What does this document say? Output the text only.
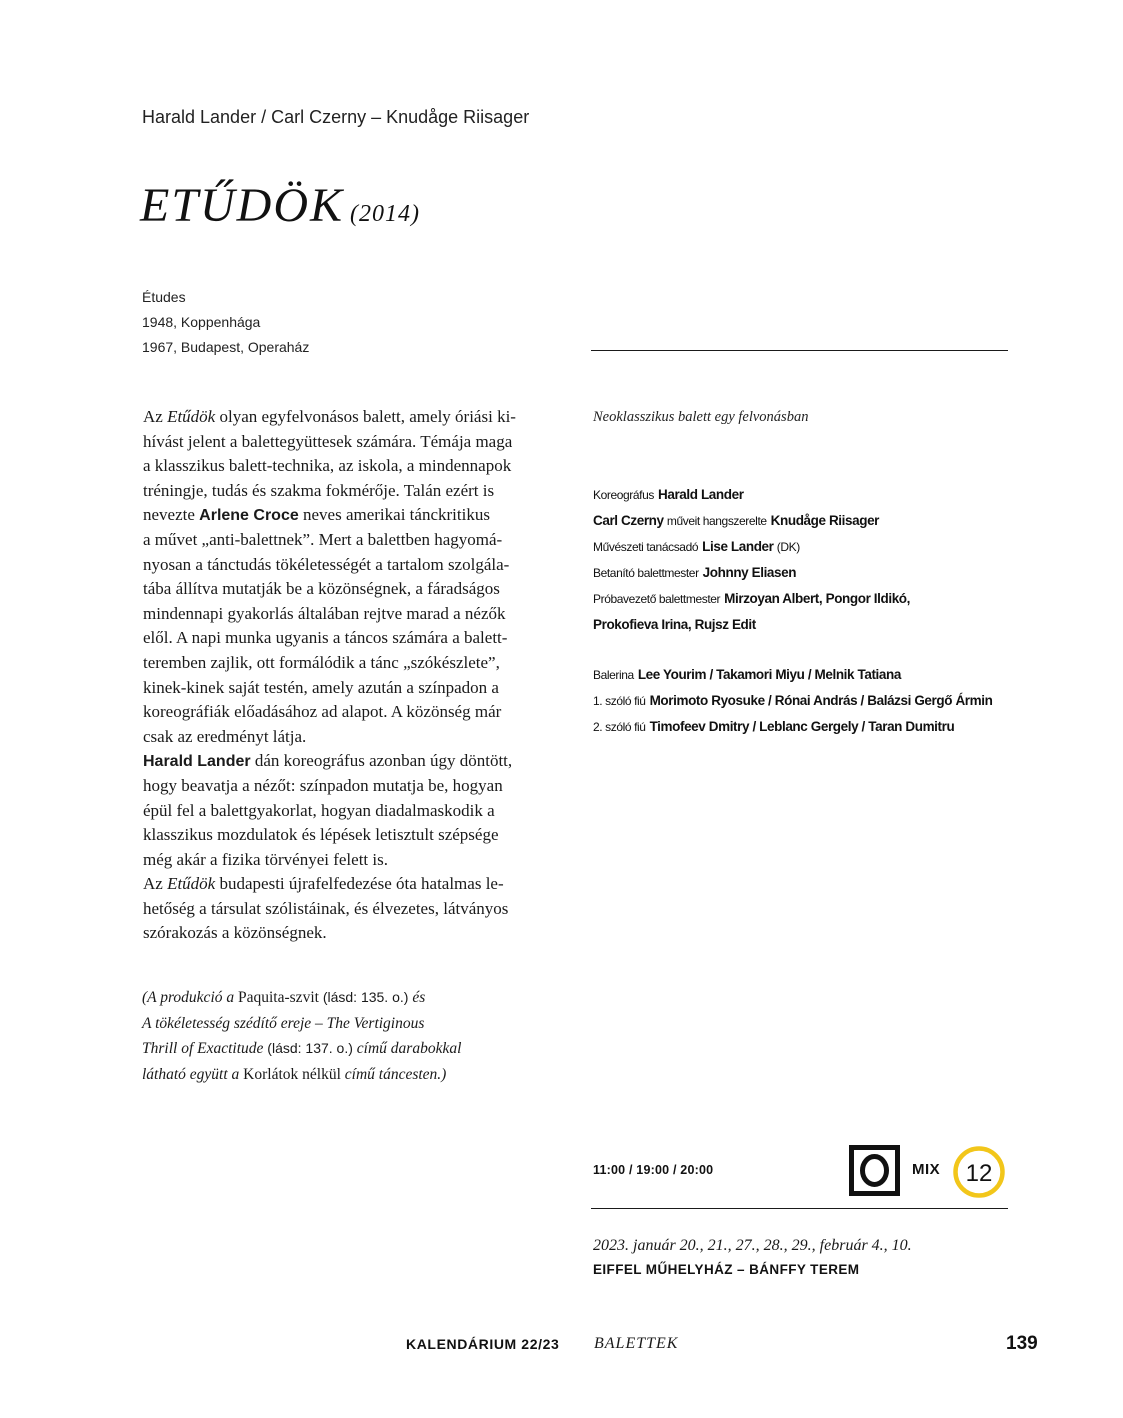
Harald Lander / Carl Czerny – Knudåge Riisager
ETŰDÖK (2014)
Études
1948, Koppenhága
1967, Budapest, Operaház
Az Etűdök olyan egyfelvonásos balett, amely óriási ki-
hívást jelent a balettegyüttesek számára. Témája maga
a klasszikus balett-technika, az iskola, a mindennapok
tréningje, tudás és szakma fokmérője. Talán ezért is
nevezte Arlene Croce neves amerikai tánckritikus
a művet „anti-balettnek”. Mert a balettben hagyomá-
nyosan a tánctudás tökéletességét a tartalom szolgála-
tába állítva mutatják be a közönségnek, a fáradságos
mindennapi gyakorlás általában rejtve marad a nézők
elől. A napi munka ugyanis a táncos számára a balett-
teremben zajlik, ott formálódik a tánc „szókészlete”,
kinek-kinek saját testén, amely azután a színpadon a
koreográfiák előadásához ad alapot. A közönség már
csak az eredményt látja.
Harald Lander dán koreográfus azonban úgy döntött,
hogy beavatja a nézőt: színpadon mutatja be, hogyan
épül fel a balettgyakorlat, hogyan diadalmaskodik a
klasszikus mozdulatok és lépések letisztult szépsége
még akár a fizika törvényei felett is.
Az Etűdök budapesti újrafelfedezése óta hatalmas le-
hetőség a társulat szólistáinak, és élvezetes, látványos
szórakozás a közönségnek.
(A produkció a Paquita-szvit (lásd: 135. o.) és
A tökéletesség szédítő ereje – The Vertiginous
Thrill of Exactitude (lásd: 137. o.) című darabokkal
látható együtt a Korlátok nélkül című táncesten.)
Neoklasszikus balett egy felvonásban
Koreográfus Harald Lander
Carl Czerny műveit hangszerelte Knudåge Riisager
Művészeti tanácsadó Lise Lander (DK)
Betanító balettmester Johnny Eliasen
Próbavezető balettmester Mirzoyan Albert, Pongor Ildikó,
Prokofieva Irina, Rujsz Edit
Balerina Lee Yourim / Takamori Miyu / Melnik Tatiana
1. szóló fiú Morimoto Ryosuke / Rónai András / Balázsi Gergő Ármin
2. szóló fiú Timofeev Dmitry / Leblanc Gergely / Taran Dumitru
11:00 / 19:00 / 20:00	MIX 12
2023. január 20., 21., 27., 28., 29., február 4., 10.
EIFFEL MŰHELYHÁZ – BÁNFFY TEREM
KALENDÁRIUM 22/23 BALETTEK	139
